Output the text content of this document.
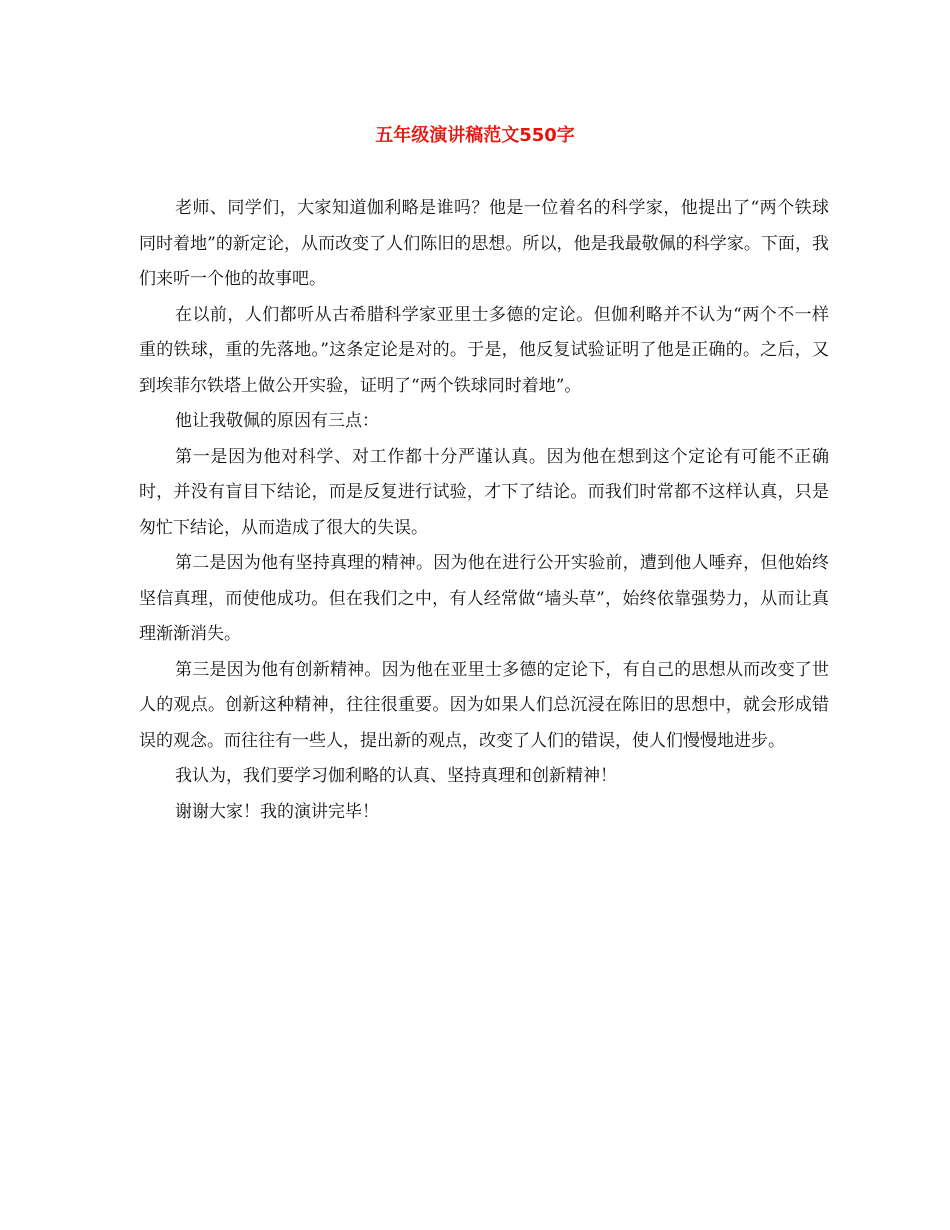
五年级演讲稿范文550字

老师、同学们，大家知道伽利略是谁吗？他是一位着名的科学家，他提出了“两个铁球同时着地”的新定论，从而改变了人们陈旧的思想。所以，他是我最敬佩的科学家。下面，我们来听一个他的故事吧。

在以前，人们都听从古希腊科学家亚里士多德的定论。但伽利略并不认为“两个不一样重的铁球，重的先落地。”这条定论是对的。于是，他反复试验证明了他是正确的。之后，又到埃菲尔铁塔上做公开实验，证明了“两个铁球同时着地”。

他让我敬佩的原因有三点：

第一是因为他对科学、对工作都十分严谨认真。因为他在想到这个定论有可能不正确时，并没有盲目下结论，而是反复进行试验，才下了结论。而我们时常都不这样认真，只是匆忙下结论，从而造成了很大的失误。

第二是因为他有坚持真理的精神。因为他在进行公开实验前，遭到他人唾弃，但他始终坚信真理，而使他成功。但在我们之中，有人经常做“墙头草”，始终依靠强势力，从而让真理渐渐消失。

第三是因为他有创新精神。因为他在亚里士多德的定论下，有自己的思想从而改变了世人的观点。创新这种精神，往往很重要。因为如果人们总沉浸在陈旧的思想中，就会形成错误的观念。而往往有一些人，提出新的观点，改变了人们的错误，使人们慢慢地进步。

我认为，我们要学习伽利略的认真、坚持真理和创新精神！

谢谢大家！我的演讲完毕！
